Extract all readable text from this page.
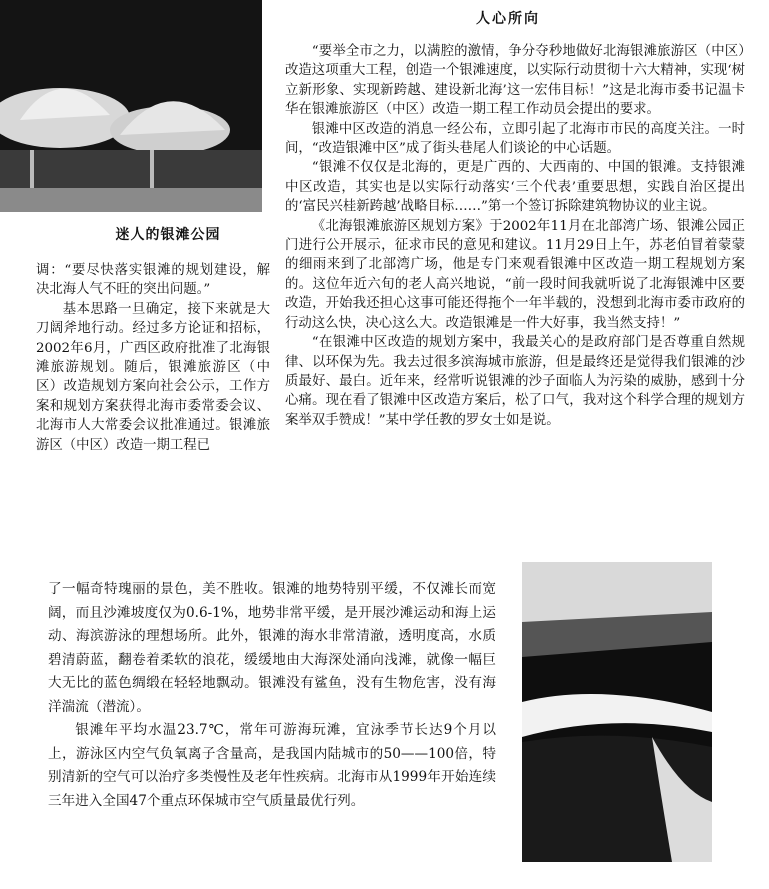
人心所向
迷人的银滩公园

“要举全市之力，以满腔的激情，争分夺秒地做好北海银滩旅游区（中区）改造这项重大工程，创造一个银滩速度，以实际行动贯彻十六大精神，实现‘树立新形象、实现新跨越、建设新北海’这一宏伟目标！”这是北海市委书记温卡华在银滩旅游区（中区）改造一期工程工作动员会提出的要求。

银滩中区改造的消息一经公布，立即引起了北海市市民的高度关注。一时间，“改造银滩中区”成了街头巷尾人们谈论的中心话题。

“银滩不仅仅是北海的，更是广西的、大西南的、中国的银滩。支持银滩中区改造，其实也是以实际行动落实‘三个代表’重要思想，实践自治区提出的‘富民兴桂新跨越’战略目标……”第一个签订拆除建筑物协议的业主说。

《北海银滩旅游区规划方案》于2002年11月在北部湾广场、银滩公园正门进行公开展示，征求市民的意见和建议。11月29日上午，苏老伯冒着蒙蒙的细雨来到了北部湾广场，他是专门来观看银滩中区改造一期工程规划方案的。这位年近六旬的老人高兴地说，“前一段时间我就听说了北海银滩中区要改造，开始我还担心这事可能还得拖个一年半载的，没想到北海市委市政府的行动这么快，决心这么大。改造银滩是一件大好事，我当然支持！”

“在银滩中区改造的规划方案中，我最关心的是政府部门是否尊重自然规律、以环保为先。我去过很多滨海城市旅游，但是最终还是觉得我们银滩的沙质最好、最白。近年来，经常听说银滩的沙子面临人为污染的威胁，感到十分心痛。现在看了银滩中区改造方案后，松了口气，我对这个科学合理的规划方案举双手赞成！”某中学任教的罗女士如是说。

调：“要尽快落实银滩的规划建设，解决北海人气不旺的突出问题。”

基本思路一旦确定，接下来就是大刀阔斧地行动。经过多方论证和招标，2002年6月，广西区政府批准了北海银滩旅游规划。随后，银滩旅游区（中区）改造规划方案向社会公示，工作方案和规划方案获得北海市委常委会议、北海市人大常委会议批准通过。银滩旅游区（中区）改造一期工程已

了一幅奇特瑰丽的景色，美不胜收。银滩的地势特别平缓，不仅滩长而宽阔，而且沙滩坡度仅为0.6-1%，地势非常平缓，是开展沙滩运动和海上运动、海滨游泳的理想场所。此外，银滩的海水非常清澈，透明度高，水质碧清蔚蓝，翻卷着柔软的浪花，缓缓地由大海深处涌向浅滩，就像一幅巨大无比的蓝色绸缎在轻轻地飘动。银滩没有鲨鱼，没有生物危害，没有海洋湍流（潜流）。

银滩年平均水温23.7℃，常年可游海玩滩，宜泳季节长达9个月以上，游泳区内空气负氧离子含量高，是我国内陆城市的50——100倍，特别清新的空气可以治疗多类慢性及老年性疾病。北海市从1999年开始连续三年进入全国47个重点环保城市空气质量最优行列。
